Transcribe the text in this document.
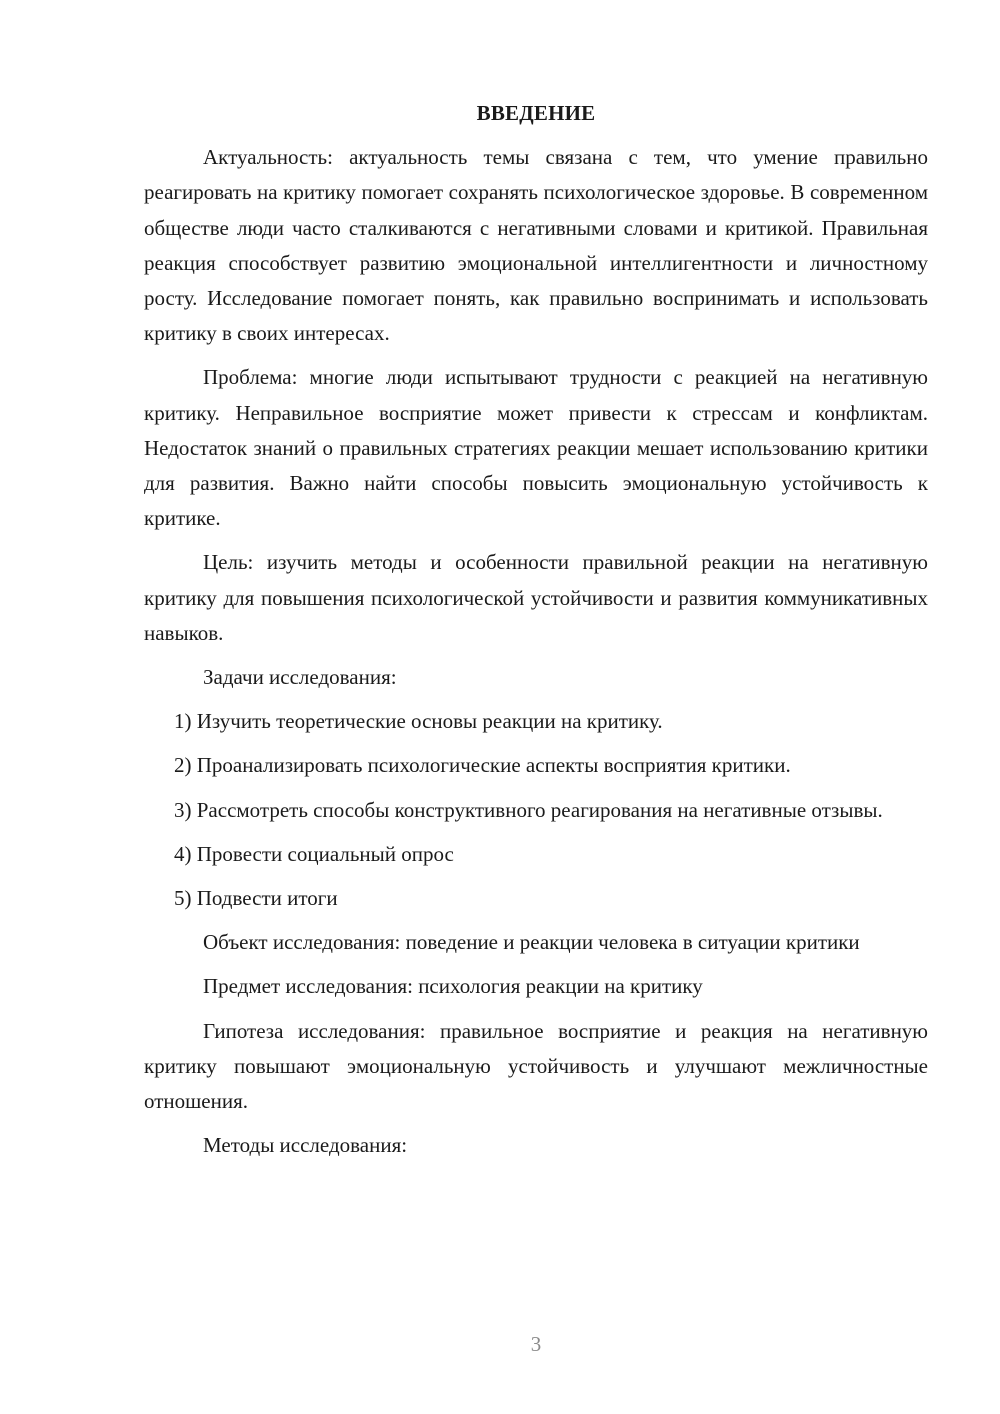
ВВЕДЕНИЕ

Актуальность: актуальность темы связана с тем, что умение правильно реагировать на критику помогает сохранять психологическое здоровье. В современном обществе люди часто сталкиваются с негативными словами и критикой. Правильная реакция способствует развитию эмоциональной интеллигентности и личностному росту. Исследование помогает понять, как правильно воспринимать и использовать критику в своих интересах.

Проблема: многие люди испытывают трудности с реакцией на негативную критику. Неправильное восприятие может привести к стрессам и конфликтам. Недостаток знаний о правильных стратегиях реакции мешает использованию критики для развития. Важно найти способы повысить эмоциональную устойчивость к критике.

Цель: изучить методы и особенности правильной реакции на негативную критику для повышения психологической устойчивости и развития коммуникативных навыков.

Задачи исследования:

1) Изучить теоретические основы реакции на критику.

2) Проанализировать психологические аспекты восприятия критики.

3) Рассмотреть способы конструктивного реагирования на негативные отзывы.

4) Провести социальный опрос

5) Подвести итоги

Объект исследования: поведение и реакции человека в ситуации критики

Предмет исследования: психология реакции на критику

Гипотеза исследования: правильное восприятие и реакция на негативную критику повышают эмоциональную устойчивость и улучшают межличностные отношения.

Методы исследования:

3
